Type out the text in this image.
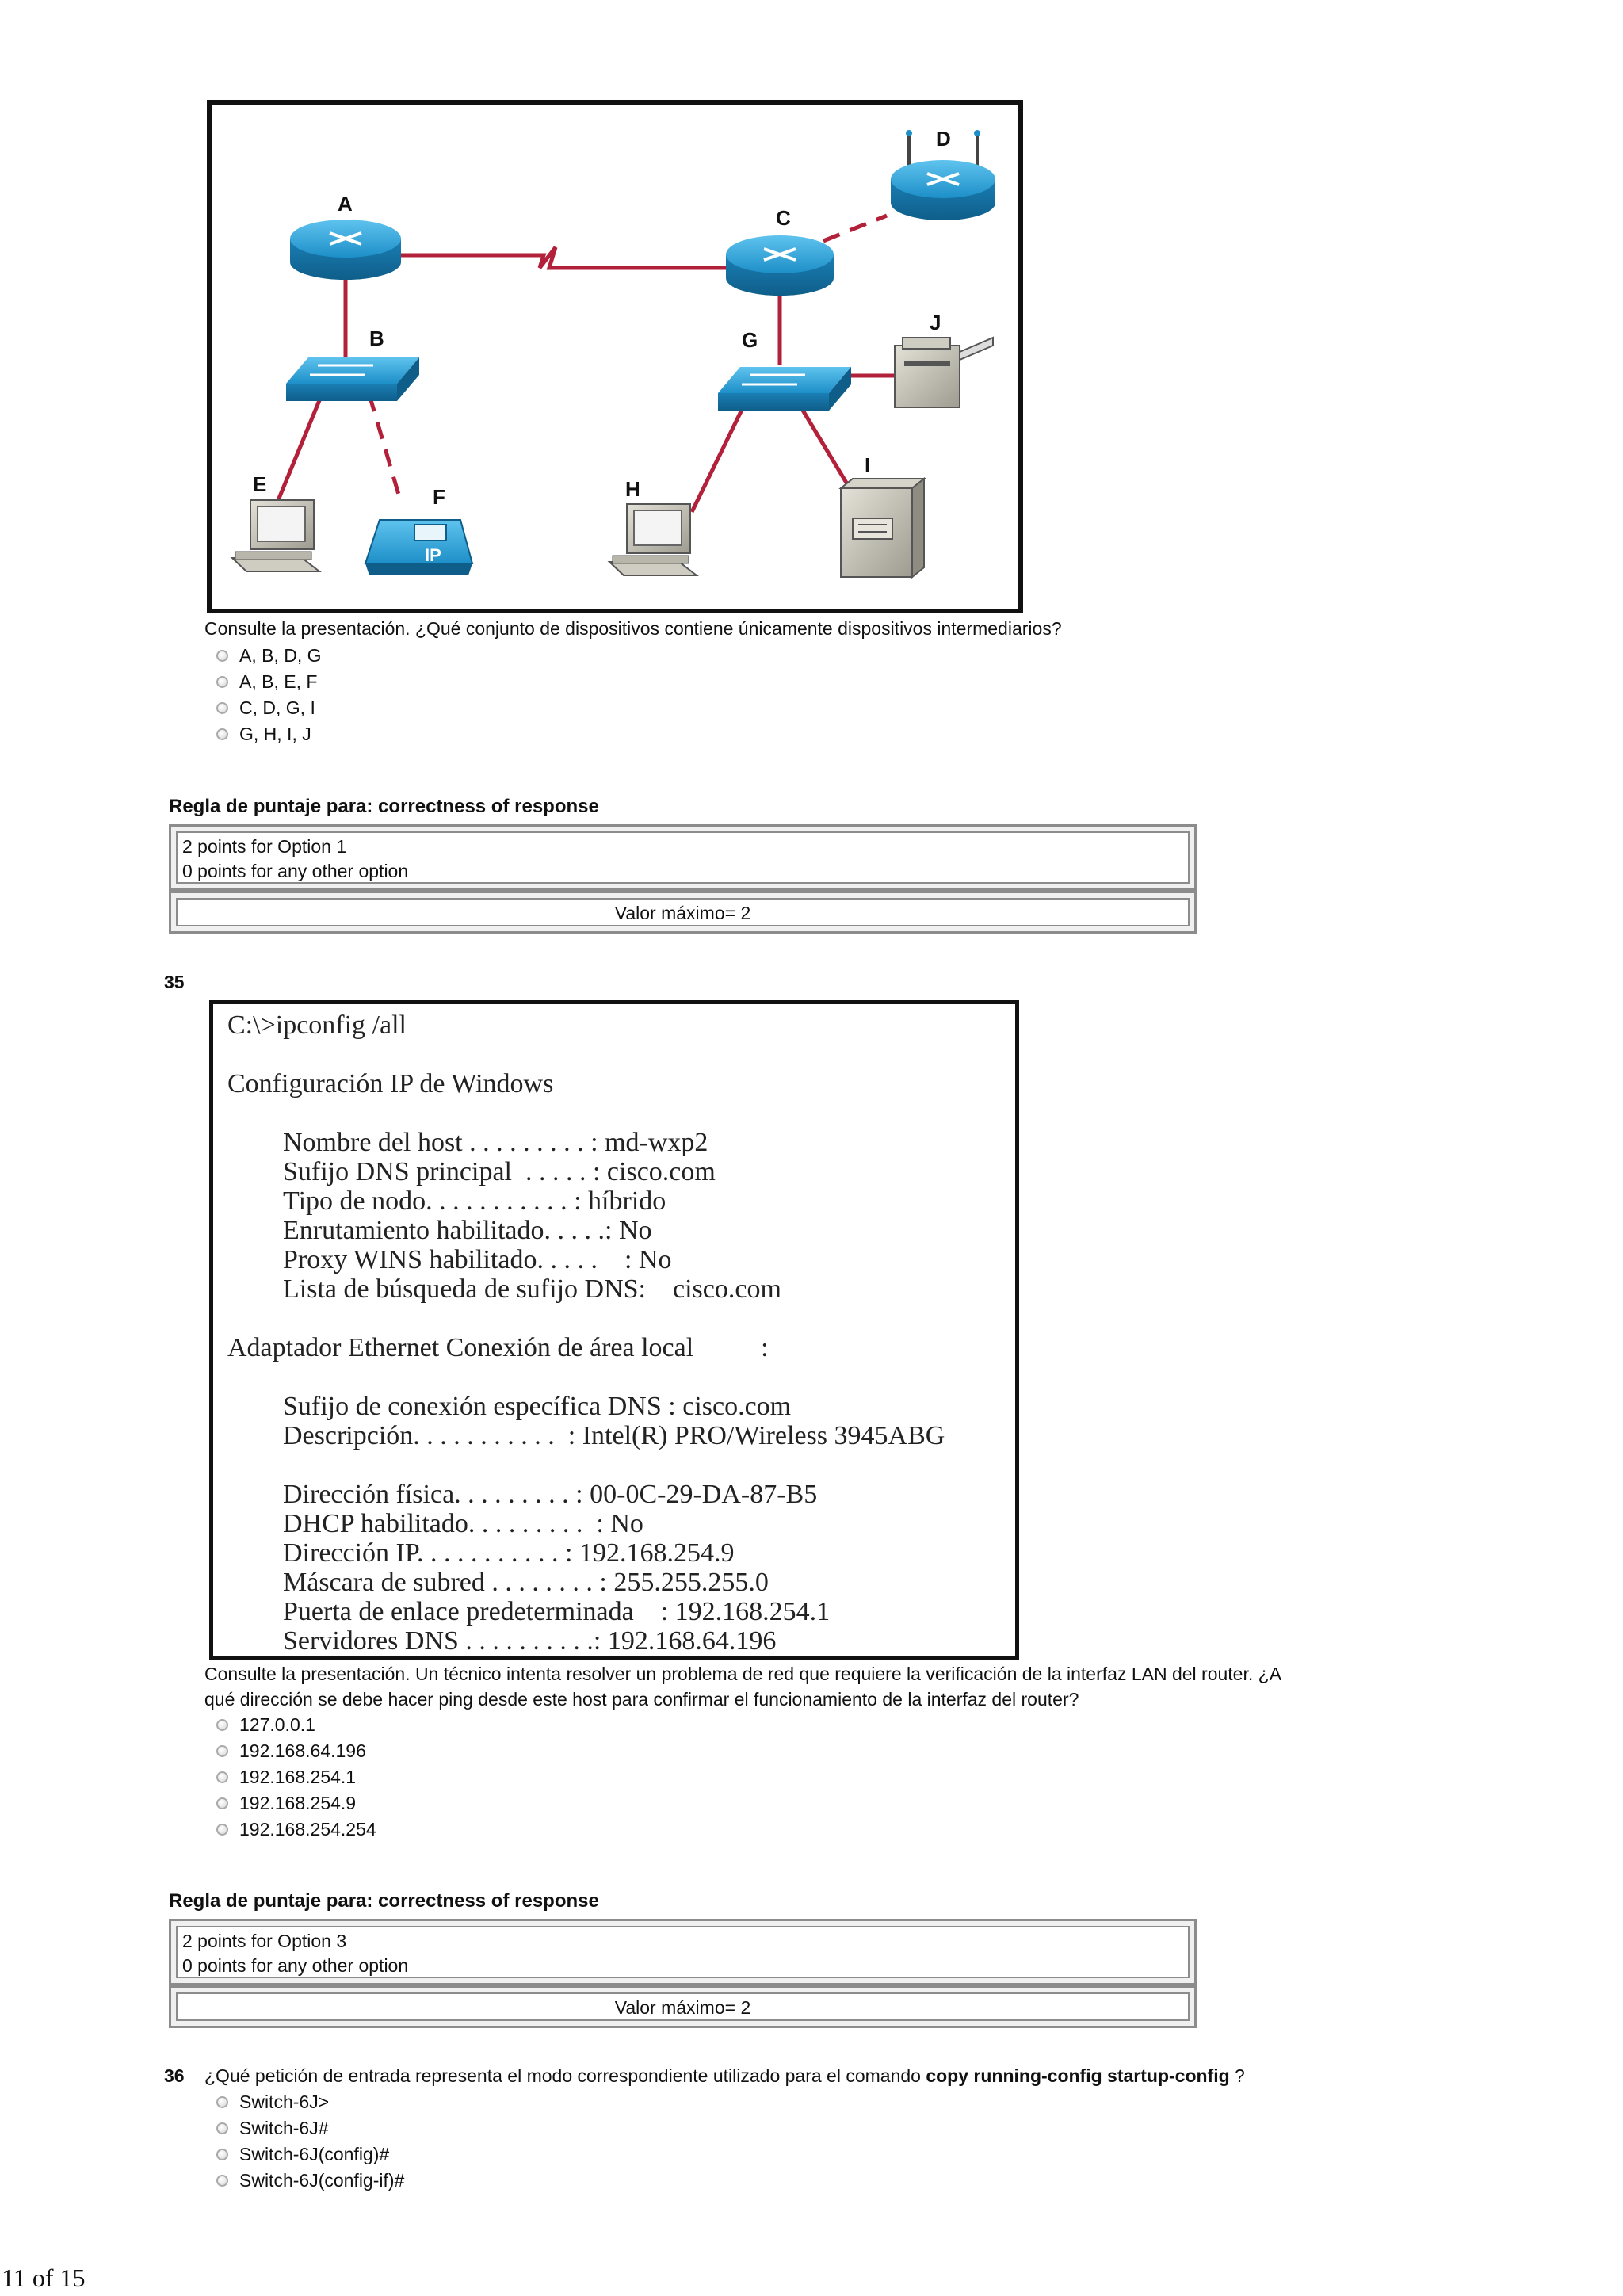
A
C
D
B	G
J
E
IP
F	H
I
Consulte la presentación. ¿Qué conjunto de dispositivos contiene únicamente dispositivos intermediarios?
A, B, D, G
A, B, E, F
C, D, G, I
G, H, I, J
Regla de puntaje para: correctness of response
2 points for Option 1
0 points for any other option
Valor máximo= 2
35
C:\>ipconfig /all
Configuración IP de Windows
Nombre del host . . . . . . . . . : md-wxp2
Sufijo DNS principal  . . . . . : cisco.com
Tipo de nodo. . . . . . . . . . . : híbrido
Enrutamiento habilitado. . . . .: No
Proxy WINS habilitado. . . . .    : No
Lista de búsqueda de sufijo DNS:    cisco.com
Adaptador Ethernet Conexión de área local          :
Sufijo de conexión específica DNS : cisco.com
Descripción. . . . . . . . . . .  : Intel(R) PRO/Wireless 3945ABG
Dirección física. . . . . . . . . : 00-0C-29-DA-87-B5
DHCP habilitado. . . . . . . . .  : No
Dirección IP. . . . . . . . . . . : 192.168.254.9
Máscara de subred . . . . . . . . : 255.255.255.0
Puerta de enlace predeterminada    : 192.168.254.1
Servidores DNS . . . . . . . . . .: 192.168.64.196
Consulte la presentación. Un técnico intenta resolver un problema de red que requiere la verificación de la interfaz LAN del router. ¿A
qué dirección se debe hacer ping desde este host para confirmar el funcionamiento de la interfaz del router?
127.0.0.1
192.168.64.196
192.168.254.1
192.168.254.9
192.168.254.254
Regla de puntaje para: correctness of response
2 points for Option 3
0 points for any other option
Valor máximo= 2
36 ¿Qué petición de entrada representa el modo correspondiente utilizado para el comando copy running-config startup-config ?
Switch-6J>
Switch-6J#
Switch-6J(config)#
Switch-6J(config-if)#
11 of 15
